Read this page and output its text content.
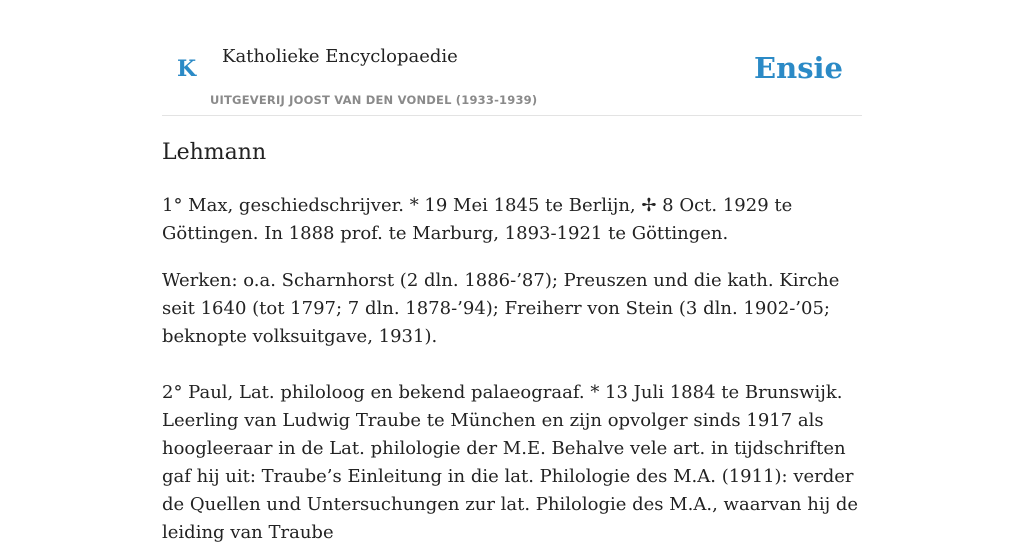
K Katholieke Encyclopaedie
UITGEVERIJ JOOST VAN DEN VONDEL (1933-1939)
Ensie
Lehmann

1° Max, geschiedschrijver. * 19 Mei 1845 te Berlijn, ✢ 8 Oct. 1929 te Göttingen. In 1888 prof. te Marburg, 1893-1921 te Göttingen.

Werken: o.a. Scharnhorst (2 dln. 1886-’87); Preuszen und die kath. Kirche seit 1640 (tot 1797; 7 dln. 1878-’94); Freiherr von Stein (3 dln. 1902-’05; beknopte volksuitgave, 1931).

2° Paul, Lat. philoloog en bekend palaeograaf. * 13 Juli 1884 te Brunswijk. Leerling van Ludwig Traube te München en zijn opvolger sinds 1917 als hoogleeraar in de Lat. philologie der M.E. Behalve vele art. in tijdschriften gaf hij uit: Traube’s Einleitung in die lat. Philologie des M.A. (1911): verder de Quellen und Untersuchungen zur lat. Philologie des M.A., waarvan hij de leiding van Traube
